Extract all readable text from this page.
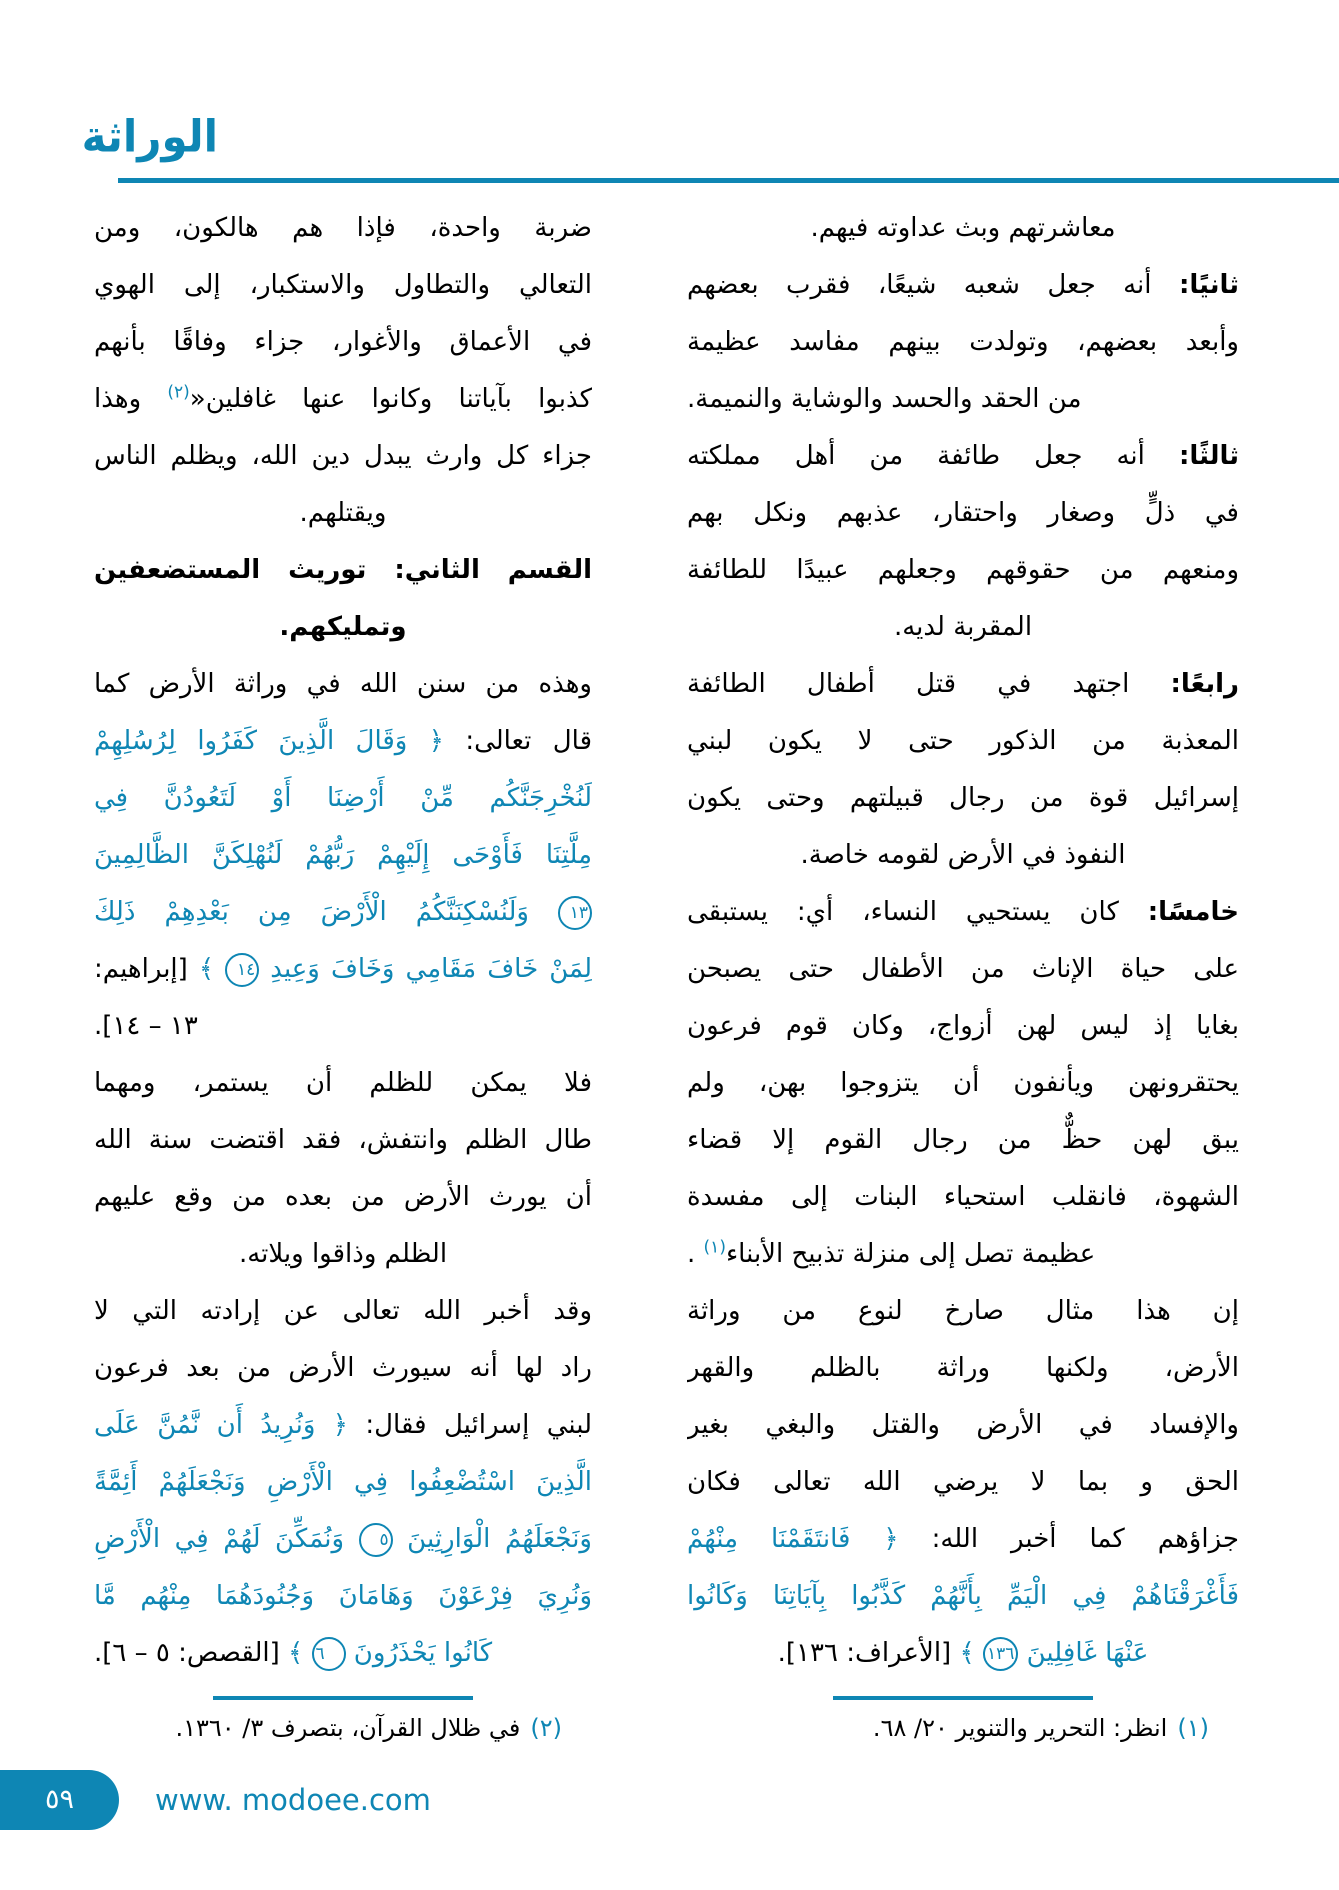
الوراثة
معاشرتهم وبث عداوته فيهم.
ثانيًا: أنه جعل شعبه شيعًا، فقرب بعضهم
وأبعد بعضهم، وتولدت بينهم مفاسد عظيمة
من الحقد والحسد والوشاية والنميمة.
ثالثًا: أنه جعل طائفة من أهل مملكته
في ذلٍّ وصغار واحتقار، عذبهم ونكل بهم
ومنعهم من حقوقهم وجعلهم عبيدًا للطائفة
المقربة لديه.
رابعًا: اجتهد في قتل أطفال الطائفة
المعذبة من الذكور حتى لا يكون لبني
إسرائيل قوة من رجال قبيلتهم وحتى يكون
النفوذ في الأرض لقومه خاصة.
خامسًا: كان يستحيي النساء، أي: يستبقى
على حياة الإناث من الأطفال حتى يصبحن
بغايا إذ ليس لهن أزواج، وكان قوم فرعون
يحتقرونهن ويأنفون أن يتزوجوا بهن، ولم
يبق لهن حظٌّ من رجال القوم إلا قضاء
الشهوة، فانقلب استحياء البنات إلى مفسدة
عظيمة تصل إلى منزلة تذبيح الأبناء$^{(١)}$ .
إن هذا مثال صارخ لنوع من وراثة
الأرض، ولكنها وراثة بالظلم والقهر
والإفساد في الأرض والقتل والبغي بغير
الحق و بما لا يرضي الله تعالى فكان
جزاؤهم كما أخبر الله: ﴿ فَانتَقَمْنَا مِنْهُمْ
فَأَغْرَقْنَاهُمْ فِي الْيَمِّ بِأَنَّهُمْ كَذَّبُوا بِآيَاتِنَا وَكَانُوا
عَنْهَا غَافِلِينَ ١٣٦ ﴾ [الأعراف: ١٣٦].
(١)انظر: التحرير والتنوير ٢٠/ ٦٨.
ضربة واحدة، فإذا هم هالكون، ومن
التعالي والتطاول والاستكبار، إلى الهوي
في الأعماق والأغوار، جزاء وفاقًا بأنهم
كذبوا بآياتنا وكانوا عنها غافلين«$^{(٢)}$ وهذا
جزاء كل وارث يبدل دين الله، ويظلم الناس
ويقتلهم.
القسم الثاني: توريث المستضعفين
وتمليكهم.
وهذه من سنن الله في وراثة الأرض كما
قال تعالى: ﴿ وَقَالَ الَّذِينَ كَفَرُوا لِرُسُلِهِمْ
لَنُخْرِجَنَّكُم مِّنْ أَرْضِنَا أَوْ لَتَعُودُنَّ فِي
مِلَّتِنَا فَأَوْحَى إِلَيْهِمْ رَبُّهُمْ لَنُهْلِكَنَّ الظَّالِمِينَ
١٣ وَلَنُسْكِنَنَّكُمُ الْأَرْضَ مِن بَعْدِهِمْ ذَلِكَ
لِمَنْ خَافَ مَقَامِي وَخَافَ وَعِيدِ ١٤ ﴾ [إبراهيم:
١٣ – ١٤].
فلا يمكن للظلم أن يستمر، ومهما
طال الظلم وانتفش، فقد اقتضت سنة الله
أن يورث الأرض من بعده من وقع عليهم
الظلم وذاقوا ويلاته.
وقد أخبر الله تعالى عن إرادته التي لا
راد لها أنه سيورث الأرض من بعد فرعون
لبني إسرائيل فقال: ﴿ وَنُرِيدُ أَن نَّمُنَّ عَلَى
الَّذِينَ اسْتُضْعِفُوا فِي الْأَرْضِ وَنَجْعَلَهُمْ أَئِمَّةً
وَنَجْعَلَهُمُ الْوَارِثِينَ ٥ وَنُمَكِّنَ لَهُمْ فِي الْأَرْضِ
وَنُرِيَ فِرْعَوْنَ وَهَامَانَ وَجُنُودَهُمَا مِنْهُم مَّا
كَانُوا يَحْذَرُونَ ٦ ﴾ [القصص: ٥ – ٦].
(٢)في ظلال القرآن، بتصرف ٣/ ١٣٦٠.
٥٩	www. modoee.com
